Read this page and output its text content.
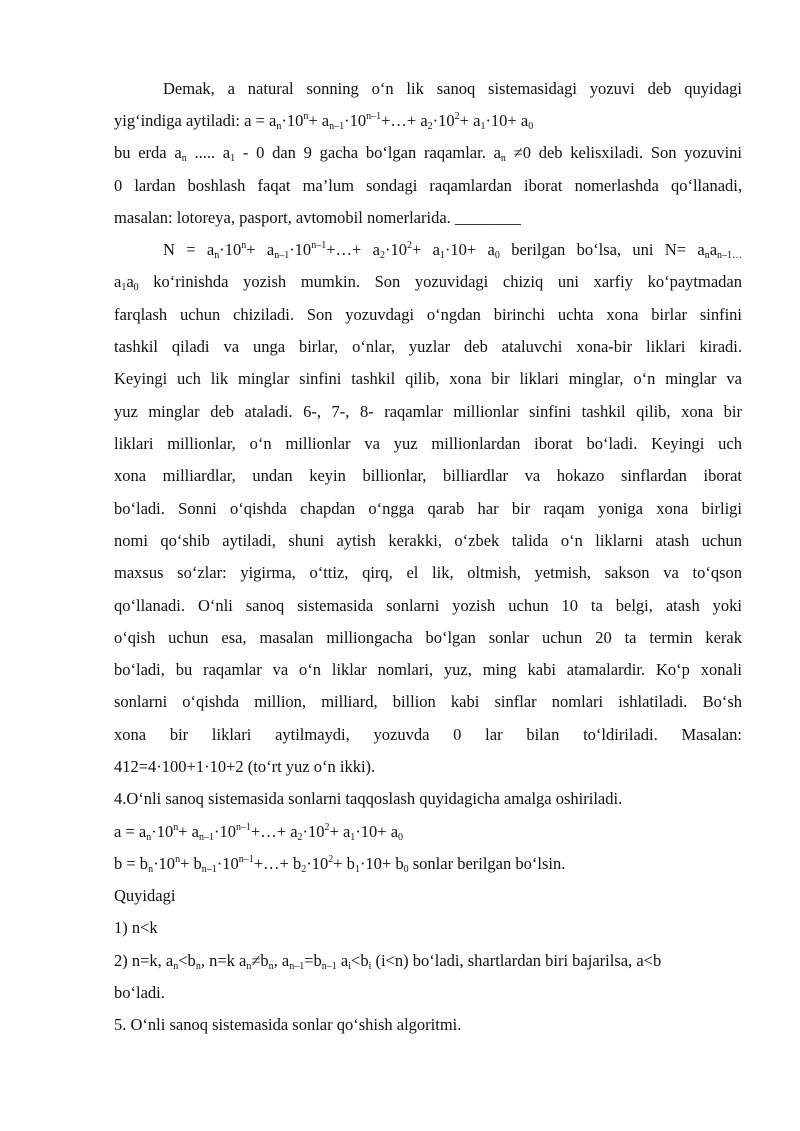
Demak, a natural sonning o‘n lik sanoq sistemasidagi yozuvi deb quyidagi
yig‘indiga aytiladi: $a = a_n\cdot 10^n+$ $a_{n-1}\cdot 10^{n-1}+\dots+ a_2\cdot 10^2+ a_1\cdot 10+ a_0$
bu erda $a_n$ ..... $a_1 - 0$ dan 9 gacha bo‘lgan raqamlar. $a_n \ne 0$ deb kelisxiladi. Son yozuvini
0 lardan boshlash faqat ma’lum sondagi raqamlardan iborat nomerlashda qo‘llanadi,
masalan: lotoreya, pasport, avtomobil nomerlarida. ________
$N = a_n\cdot 10^n+$ $a_{n-1}\cdot 10^{n-1}+\dots+ a_2\cdot 10^2+ a_1\cdot 10+ a_0$ berilgan bo‘lsa, uni $N= a_na_{n-1\dots}$
$a_1a_0$ ko‘rinishda yozish mumkin. Son yozuvidagi chiziq uni xarfiy ko‘paytmadan
farqlash uchun chiziladi. Son yozuvdagi o‘ngdan birinchi uchta xona birlar sinfini
tashkil qiladi va unga birlar, o‘nlar, yuzlar deb ataluvchi xona-bir liklari kiradi.
Keyingi uch lik minglar sinfini tashkil qilib, xona bir liklari minglar, o‘n minglar va
yuz minglar deb ataladi. 6-, 7-, 8- raqamlar millionlar sinfini tashkil qilib, xona bir
liklari millionlar, o‘n millionlar va yuz millionlardan iborat bo‘ladi. Keyingi uch
xona milliardlar, undan keyin billionlar, billiardlar va hokazo sinflardan iborat
bo‘ladi. Sonni o‘qishda chapdan o‘ngga qarab har bir raqam yoniga xona birligi
nomi qo‘shib aytiladi, shuni aytish kerakki, o‘zbek talida o‘n liklarni atash uchun
maxsus so‘zlar: yigirma, o‘ttiz, qirq, el lik, oltmish, yetmish, sakson va to‘qson
qo‘llanadi. O‘nli sanoq sistemasida sonlarni yozish uchun 10 ta belgi, atash yoki
o‘qish uchun esa, masalan milliongacha bo‘lgan sonlar uchun 20 ta termin kerak
bo‘ladi, bu raqamlar va o‘n liklar nomlari, yuz, ming kabi atamalardir. Ko‘p xonali
sonlarni o‘qishda million, milliard, billion kabi sinflar nomlari ishlatiladi. Bo‘sh
xona bir liklari aytilmaydi, yozuvda 0 lar bilan to‘ldiriladi. Masalan:
412=4·100+1·10+2 (to‘rt yuz o‘n ikki).
4.O‘nli sanoq sistemasida sonlarni taqqoslash quyidagicha amalga oshiriladi.
$a = a_n\cdot 10^n+$ $a_{n-1}\cdot 10^{n-1}+\dots+ a_2\cdot 10^2+ a_1\cdot 10+ a_0$
$b = b_n\cdot 10^n+$ $b_{n-1}\cdot 10^{n-1}+\dots+ b_2\cdot 10^2+ b_1\cdot 10+ b_0$ sonlar berilgan bo‘lsin.
Quyidagi
1) n<k
2) n=k, $a_n<b_n$, n=k $a_n\ne b_n$, $a_{n-1}=b_{n-1}$ $a_i<b_i$ (i<n) bo‘ladi, shartlardan biri bajarilsa, a<b
bo‘ladi.
5. O‘nli sanoq sistemasida sonlar qo‘shish algoritmi.
